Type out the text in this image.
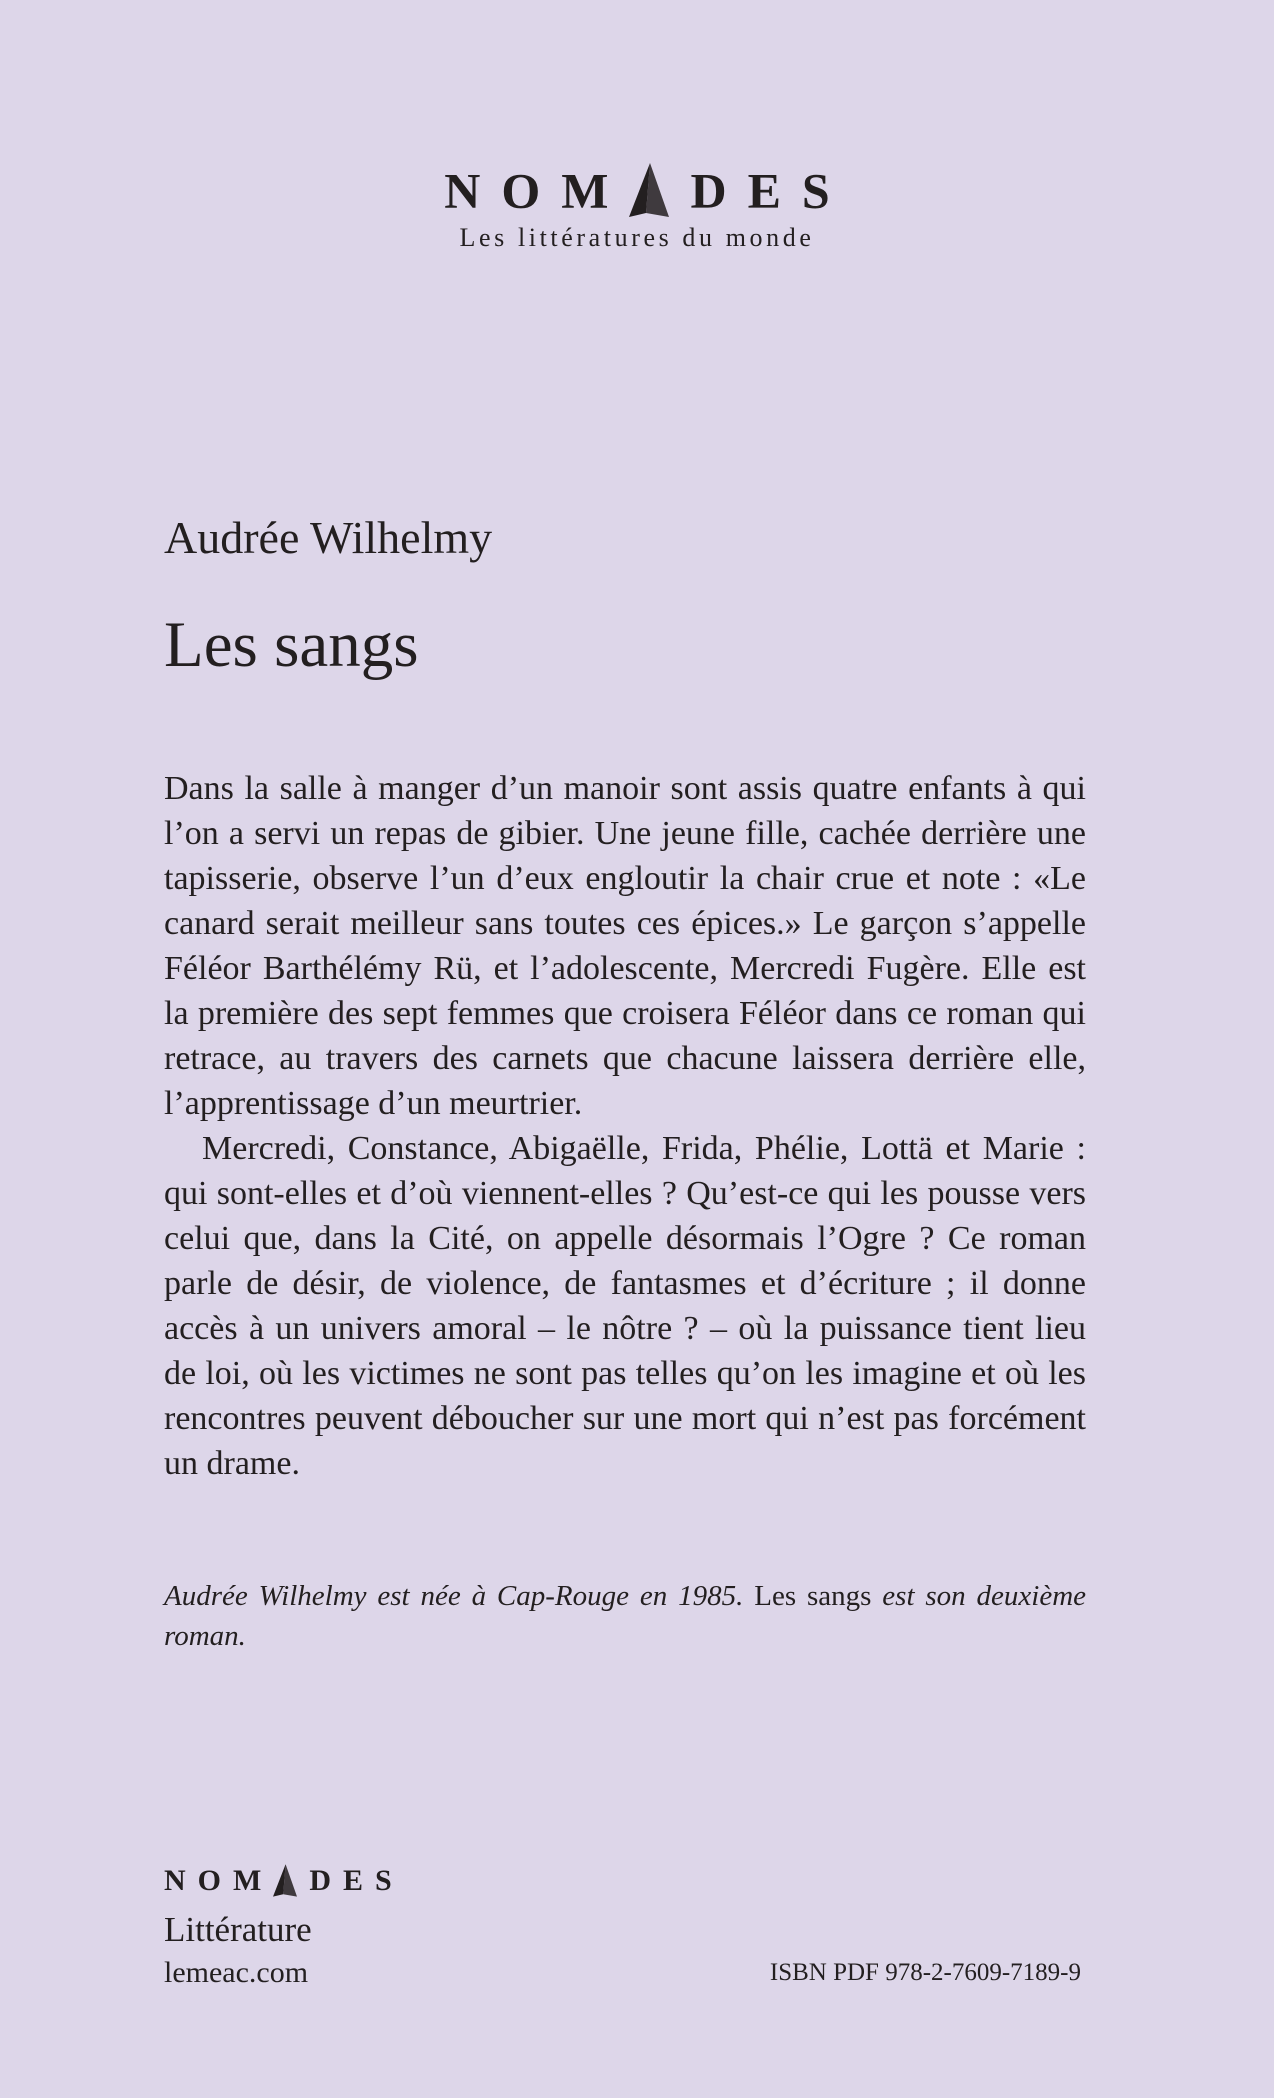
NOM DES
Les littératures du monde
Audrée Wilhelmy
Les sangs

Dans la salle à manger d’un manoir sont assis quatre enfants à qui l’on a servi un repas de gibier. Une jeune fille, cachée derrière une tapisserie, observe l’un d’eux engloutir la chair crue et note : «Le canard serait meilleur sans toutes ces épices.» Le garçon s’appelle Féléor Barthélémy Rü, et l’adolescente, Mercredi Fugère. Elle est la première des sept femmes que croisera Féléor dans ce roman qui retrace, au travers des carnets que chacune laissera derrière elle, l’apprentissage d’un meurtrier.

Mercredi, Constance, Abigaëlle, Frida, Phélie, Lottä et Marie : qui sont-elles et d’où viennent-elles ? Qu’est-ce qui les pousse vers celui que, dans la Cité, on appelle désormais l’Ogre ? Ce roman parle de désir, de violence, de fantasmes et d’écriture ; il donne accès à un univers amoral – le nôtre ? – où la puissance tient lieu de loi, où les victimes ne sont pas telles qu’on les imagine et où les rencontres peuvent déboucher sur une mort qui n’est pas forcément un drame.

Audrée Wilhelmy est née à Cap-Rouge en 1985. Les sangs est son deuxième roman.
NOM DES
Littérature
lemeac.com	ISBN PDF 978-2-7609-7189-9
